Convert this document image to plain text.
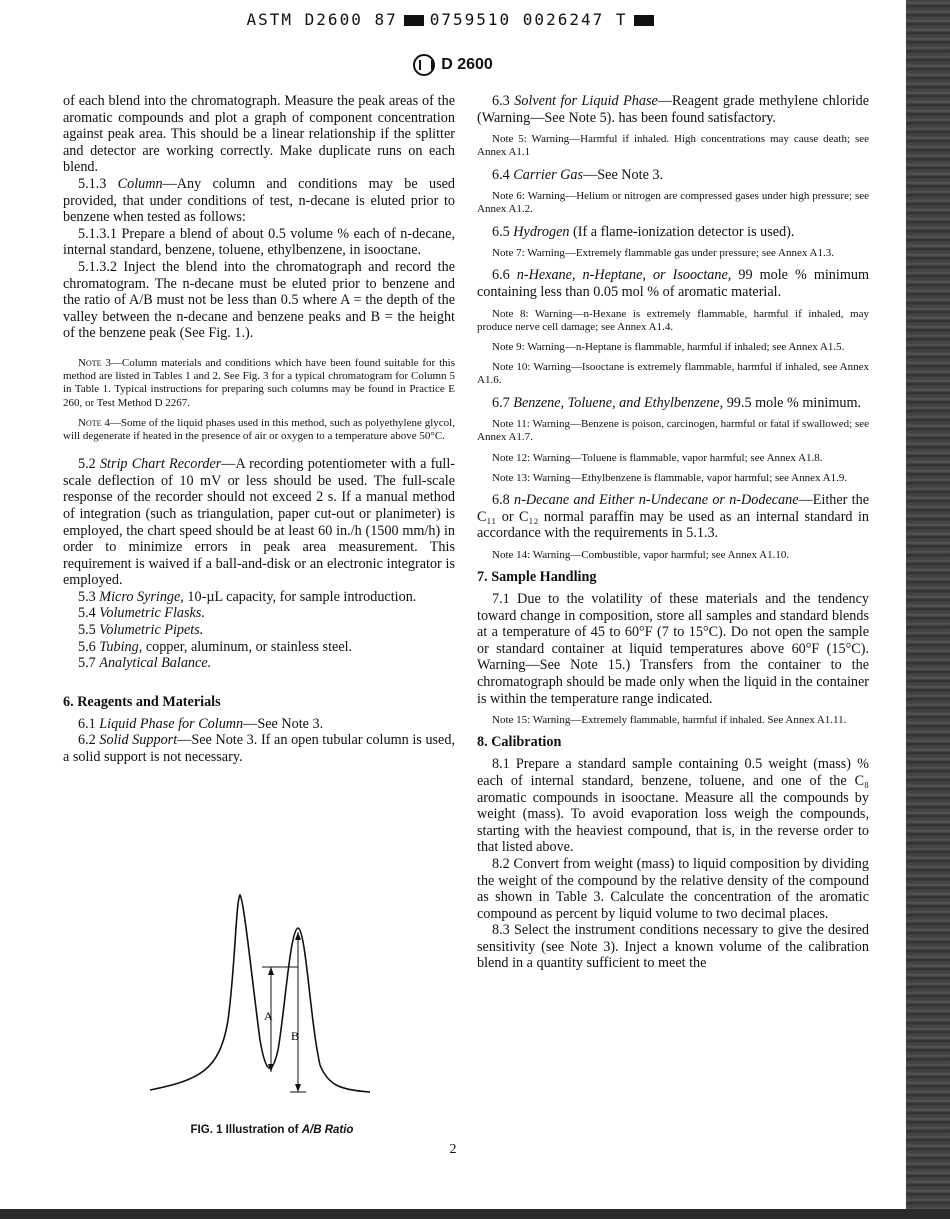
ASTM D2600 87 0759510 0026247 T
D 2600

of each blend into the chromatograph. Measure the peak areas of the aromatic compounds and plot a graph of component concentration against peak area. This should be a linear relationship if the splitter and detector are working correctly. Make duplicate runs on each blend.

5.1.3 Column—Any column and conditions may be used provided, that under conditions of test, n-decane is eluted prior to benzene when tested as follows:

5.1.3.1 Prepare a blend of about 0.5 volume % each of n-decane, internal standard, benzene, toluene, ethylbenzene, in isooctane.

5.1.3.2 Inject the blend into the chromatograph and record the chromatogram. The n-decane must be eluted prior to benzene and the ratio of A/B must not be less than 0.5 where A = the depth of the valley between the n-decane and benzene peaks and B = the height of the benzene peak (See Fig. 1.).

Note 3—Column materials and conditions which have been found suitable for this method are listed in Tables 1 and 2. See Fig. 3 for a typical chromatogram for Column 5 in Table 1. Typical instructions for preparing such columns may be found in Practice E 260, or Test Method D 2267.

Note 4—Some of the liquid phases used in this method, such as polyethylene glycol, will degenerate if heated in the presence of air or oxygen to a temperature above 50°C.

5.2 Strip Chart Recorder—A recording potentiometer with a full-scale deflection of 10 mV or less should be used. The full-scale response of the recorder should not exceed 2 s. If a manual method of integration (such as triangulation, paper cut-out or planimeter) is employed, the chart speed should be at least 60 in./h (1500 mm/h) in order to minimize errors in peak area measurement. This requirement is waived if a ball-and-disk or an electronic integrator is employed.

5.3 Micro Syringe, 10-µL capacity, for sample introduction.

5.4 Volumetric Flasks.

5.5 Volumetric Pipets.

5.6 Tubing, copper, aluminum, or stainless steel.

5.7 Analytical Balance.

6. Reagents and Materials

6.1 Liquid Phase for Column—See Note 3.

6.2 Solid Support—See Note 3. If an open tubular column is used, a solid support is not necessary.

A
B
FIG. 1 Illustration of A/B Ratio

6.3 Solvent for Liquid Phase—Reagent grade methylene chloride (Warning—See Note 5). has been found satisfactory.

Note 5: Warning—Harmful if inhaled. High concentrations may cause death; see Annex A1.1

6.4 Carrier Gas—See Note 3.

Note 6: Warning—Helium or nitrogen are compressed gases under high pressure; see Annex A1.2.

6.5 Hydrogen (If a flame-ionization detector is used).

Note 7: Warning—Extremely flammable gas under pressure; see Annex A1.3.

6.6 n-Hexane, n-Heptane, or Isooctane, 99 mole % minimum containing less than 0.05 mol % of aromatic material.

Note 8: Warning—n-Hexane is extremely flammable, harmful if inhaled, may produce nerve cell damage; see Annex A1.4.

Note 9: Warning—n-Heptane is flammable, harmful if inhaled; see Annex A1.5.

Note 10: Warning—Isooctane is extremely flammable, harmful if inhaled, see Annex A1.6.

6.7 Benzene, Toluene, and Ethylbenzene, 99.5 mole % minimum.

Note 11: Warning—Benzene is poison, carcinogen, harmful or fatal if swallowed; see Annex A1.7.

Note 12: Warning—Toluene is flammable, vapor harmful; see Annex A1.8.

Note 13: Warning—Ethylbenzene is flammable, vapor harmful; see Annex A1.9.

6.8 n-Decane and Either n-Undecane or n-Dodecane—Either the C₁₁ or C₁₂ normal paraffin may be used as an internal standard in accordance with the requirements in 5.1.3.

Note 14: Warning—Combustible, vapor harmful; see Annex A1.10.

7. Sample Handling

7.1 Due to the volatility of these materials and the tendency toward change in composition, store all samples and standard blends at a temperature of 45 to 60°F (7 to 15°C). Do not open the sample or standard container at liquid temperatures above 60°F (15°C). Warning—See Note 15.) Transfers from the container to the chromatograph should be made only when the liquid in the container is within the temperature range indicated.

Note 15: Warning—Extremely flammable, harmful if inhaled. See Annex A1.11.

8. Calibration

8.1 Prepare a standard sample containing 0.5 weight (mass) % each of internal standard, benzene, toluene, and one of the C₈ aromatic compounds in isooctane. Measure all the compounds by weight (mass). To avoid evaporation loss weigh the compounds, starting with the heaviest compound, that is, in the reverse order to that listed above.

8.2 Convert from weight (mass) to liquid composition by dividing the weight of the compound by the relative density of the compound as shown in Table 3. Calculate the concentration of the aromatic compound as percent by liquid volume to two decimal places.

8.3 Select the instrument conditions necessary to give the desired sensitivity (see Note 3). Inject a known volume of the calibration blend in a quantity sufficient to meet the

2
